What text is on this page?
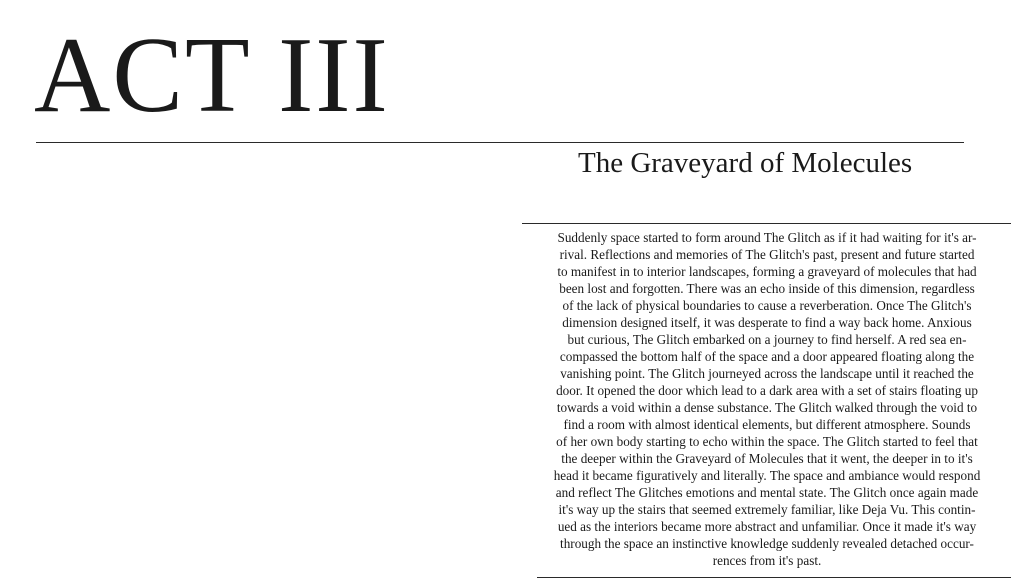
ACT III
The Graveyard of Molecules

Suddenly space started to form around The Glitch as if it had waiting for it's ar-
rival. Reflections and memories of The Glitch's past, present and future started
to manifest in to interior landscapes, forming a graveyard of molecules that had
been lost and forgotten. There was an echo inside of this dimension, regardless
of the lack of physical boundaries to cause a reverberation. Once The Glitch's
dimension designed itself, it was desperate to find a way back home. Anxious
but curious, The Glitch embarked on a journey to find herself. A red sea en-
compassed the bottom half of the space and a door appeared floating along the
vanishing point. The Glitch journeyed across the landscape until it reached the
door. It opened the door which lead to a dark area with a set of stairs floating up
towards a void within a dense substance. The Glitch walked through the void to
find a room with almost identical elements, but different atmosphere. Sounds
of her own body starting to echo within the space. The Glitch started to feel that
the deeper within the Graveyard of Molecules that it went, the deeper in to it's
head it became figuratively and literally. The space and ambiance would respond
and reflect The Glitches emotions and mental state. The Glitch once again made
it's way up the stairs that seemed extremely familiar, like Deja Vu. This contin-
ued as the interiors became more abstract and unfamiliar. Once it made it's way
through the space an instinctive knowledge suddenly revealed detached occur-
rences from it's past.
